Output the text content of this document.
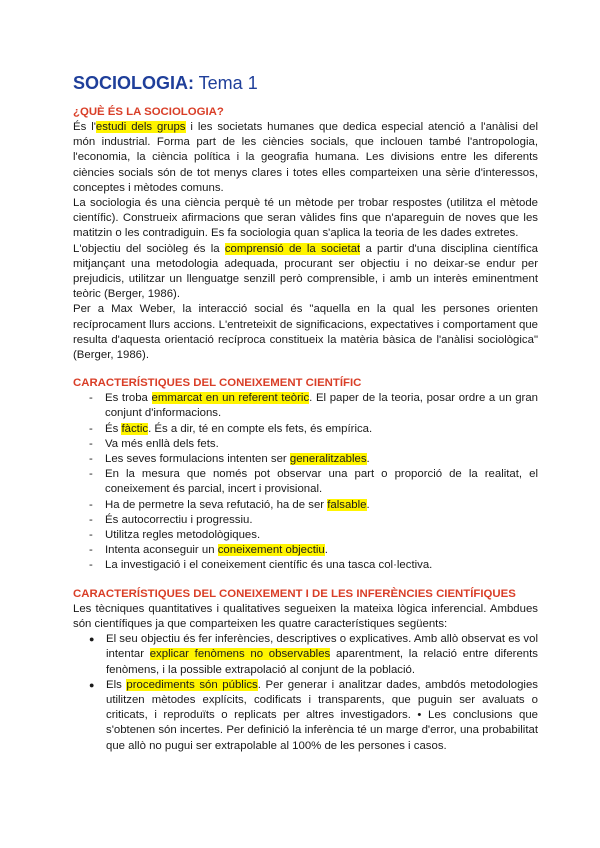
SOCIOLOGIA: Tema 1
¿QUÈ ÉS LA SOCIOLOGIA?

És l'estudi dels grups i les societats humanes que dedica especial atenció a l'anàlisi del món industrial. Forma part de les ciències socials, que inclouen també l'antropologia, l'economia, la ciència política i la geografia humana. Les divisions entre les diferents ciències socials són de tot menys clares i totes elles comparteixen una sèrie d'interessos, conceptes i mètodes comuns.

La sociologia és una ciència perquè té un mètode per trobar respostes (utilitza el mètode científic). Construeix afirmacions que seran vàlides fins que n'apareguin de noves que les matitzin o les contradiguin. Es fa sociologia quan s'aplica la teoria de les dades extretes.

L'objectiu del sociòleg és la comprensió de la societat a partir d'una disciplina científica mitjançant una metodologia adequada, procurant ser objectiu i no deixar-se endur per prejudicis, utilitzar un llenguatge senzill però comprensible, i amb un interès eminentment teòric (Berger, 1986).

Per a Max Weber, la interacció social és "aquella en la qual les persones orienten recíprocament llurs accions. L'entreteixit de significacions, expectatives i comportament que resulta d'aquesta orientació recíproca constitueix la matèria bàsica de l'anàlisi sociològica" (Berger, 1986).

CARACTERÍSTIQUES DEL CONEIXEMENT CIENTÍFIC
- Es troba emmarcat en un referent teòric. El paper de la teoria, posar ordre a un gran conjunt d'informacions.
- És fàctic. És a dir, té en compte els fets, és empírica.
- Va més enllà dels fets.
- Les seves formulacions intenten ser generalitzables.
- En la mesura que només pot observar una part o proporció de la realitat, el coneixement és parcial, incert i provisional.
- Ha de permetre la seva refutació, ha de ser falsable.
- És autocorrectiu i progressiu.
- Utilitza regles metodològiques.
- Intenta aconseguir un coneixement objectiu.
- La investigació i el coneixement científic és una tasca col·lectiva.
CARACTERÍSTIQUES DEL CONEIXEMENT I DE LES INFERÈNCIES CIENTÍFIQUES

Les tècniques quantitatives i qualitatives segueixen la mateixa lògica inferencial. Ambdues són científiques ja que comparteixen les quatre característiques següents:

● El seu objectiu és fer inferències, descriptives o explicatives. Amb allò observat es vol intentar explicar fenòmens no observables aparentment, la relació entre diferents fenòmens, i la possible extrapolació al conjunt de la població.
● Els procediments són públics. Per generar i analitzar dades, ambdós metodologies utilitzen mètodes explícits, codificats i transparents, que puguin ser avaluats o criticats, i reproduïts o replicats per altres investigadors. • Les conclusions que s'obtenen són incertes. Per definició la inferència té un marge d'error, una probabilitat que allò no pugui ser extrapolable al 100% de les persones i casos.
